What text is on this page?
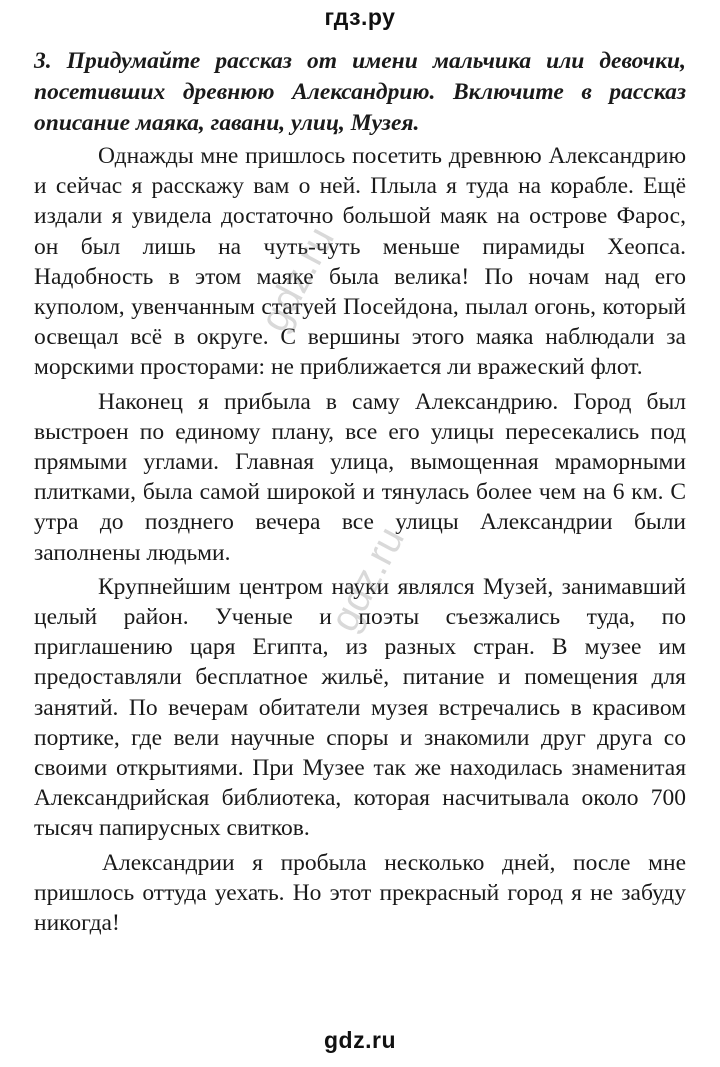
гдз.ру

3. Придумайте рассказ от имени мальчика или девочки, посетивших древнюю Александрию. Включите в рассказ описание маяка, гавани, улиц, Музея.

Однажды мне пришлось посетить древнюю Александрию и сейчас я расскажу вам о ней. Плыла я туда на корабле. Ещё издали я увидела достаточно большой маяк на острове Фарос, он был лишь на чуть-чуть меньше пирамиды Хеопса. Надобность в этом маяке была велика! По ночам над его куполом, увенчанным статуей Посейдона, пылал огонь, который освещал всё в округе. С вершины этого маяка наблюдали за морскими просторами: не приближается ли вражеский флот.

Наконец я прибыла в саму Александрию. Город был выстроен по единому плану, все его улицы пересекались под прямыми углами. Главная улица, вымощенная мраморными плитками, была самой широкой и тянулась более чем на 6 км. С утра до позднего вечера все улицы Александрии были заполнены людьми.

Крупнейшим центром науки являлся Музей, занимавший целый район. Ученые и поэты съезжались туда, по приглашению царя Египта, из разных стран. В музее им предоставляли бесплатное жильё, питание и помещения для занятий. По вечерам обитатели музея встречались в красивом портике, где вели научные споры и знакомили друг друга со своими открытиями. При Музее так же находилась знаменитая Александрийская библиотека, которая насчитывала около 700 тысяч папирусных свитков.

Александрии я пробыла несколько дней, после мне пришлось оттуда уехать. Но этот прекрасный город я не забуду никогда!

gdz.ru
gdz.ru
gdz.ru
